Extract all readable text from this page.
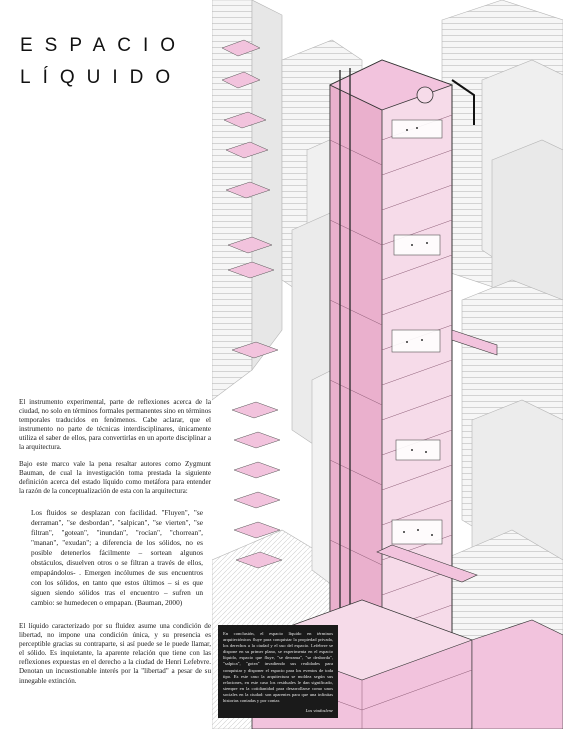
ESPACIO
LÍQUIDO

El instrumento experimental, parte de reflexiones acerca de la ciudad, no solo en términos formales permanentes sino en términos temporales traducidos en fenómenos. Cabe aclarar, que el instrumento no parte de técnicas interdisciplinares, únicamente utiliza el saber de ellos, para convertirlas en un aporte disciplinar a la arquitectura.

Bajo este marco vale la pena resaltar autores como Zygmunt Bauman, de cual la investigación toma prestada la siguiente definición acerca del estado líquido como metáfora para entender la razón de la conceptualización de esta con la arquitectura:

Los fluidos se desplazan con facilidad. "Fluyen", "se derraman", "se desbordan", "salpican", "se vierten", "se filtran", "gotean", "inundan", "rocían", "chorrean", "manan", "exudan"; a diferencia de los sólidos, no es posible detenerlos fácilmente – sortean algunos obstáculos, disuelven otros o se filtran a través de ellos, empapándolos- . Emergen incólumes de sus encuentros con los sólidos, en tanto que estos últimos – si es que siguen siendo sólidos tras el encuentro – sufren un cambio: se humedecen o empapan. (Bauman, 2000)

El líquido caracterizado por su fluidez asume una condición de libertad, no impone una condición única, y su presencia es perceptible gracias su contraparte, si así puede se le puede llamar, el sólido. Es inquietante, la aparente relación que tiene con las reflexiones expuestas en el derecho a la ciudad de Henri Lefebvre. Denotan un incuestionable interés por la "libertad" a pesar de su innegable extinción.

En conclusión, el espacio líquido en términos arquitectónicos fluye para conquistar la propiedad privada, los derechos a la ciudad y el uso del espacio. Lefebvre se dispone en su primer plano, se experimenta en el espacio líquido, espacio que fluye, "se derrama", "se desborda", "salpica", "gotea" invadiendo sus realidades para conquistar y disponer el espacio para los eventos de toda tipo. Es este caso la arquitectura se moldea según sus relaciones, en este caso los residuales le dan significado, siempre en la cotidianidad para desarrollarse como unos sociales en la ciudad: son aparentes para que una infinitas historias contadas y por contar.

Los viadoslene
